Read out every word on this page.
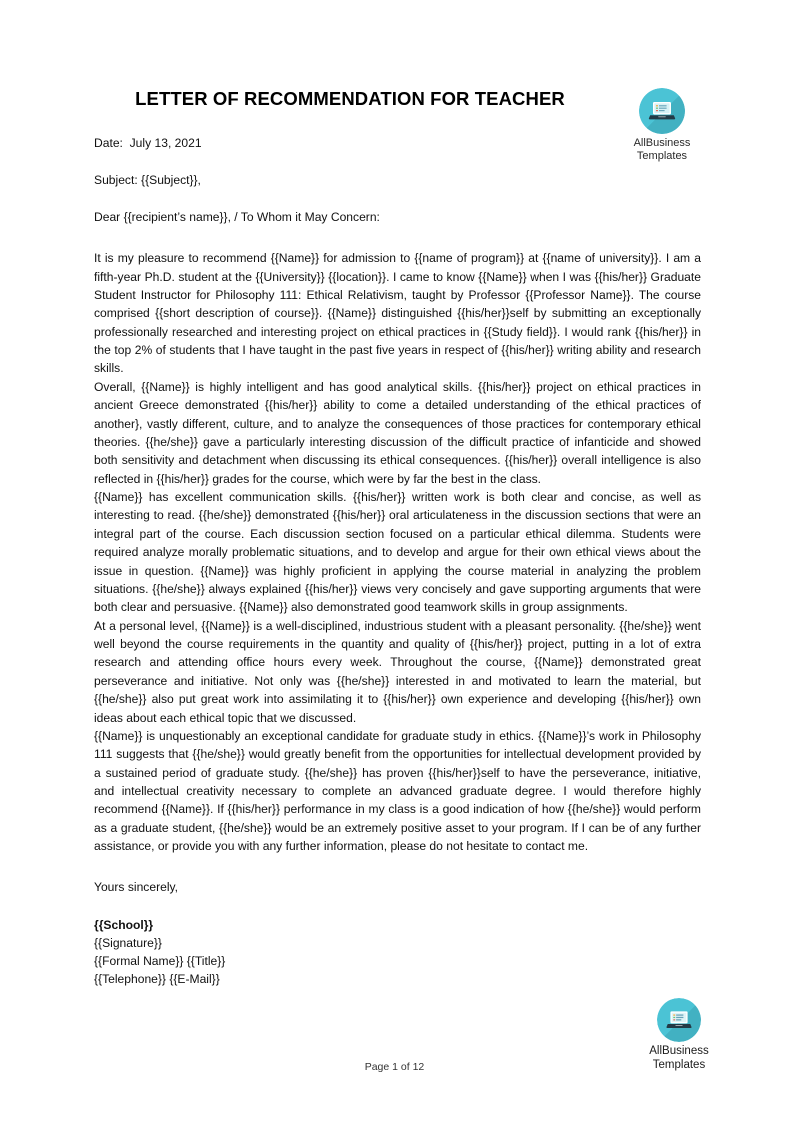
LETTER OF RECOMMENDATION FOR TEACHER
AllBusiness
Templates
Date:  July 13, 2021
Subject: {{Subject}},
Dear {{recipient’s name}}, / To Whom it May Concern:

It is my pleasure to recommend {{Name}} for admission to {{name of program}} at {{name of university}}. I am a fifth-year Ph.D. student at the {{University}} {{location}}. I came to know {{Name}} when I was {{his/her}} Graduate Student Instructor for Philosophy 111: Ethical Relativism, taught by Professor {{Professor Name}}. The course comprised {{short description of course}}. {{Name}} distinguished {{his/her}}self by submitting an exceptionally professionally researched and interesting project on ethical practices in {{Study field}}. I would rank {{his/her}} in the top 2% of students that I have taught in the past five years in respect of {{his/her}} writing ability and research skills.

Overall, {{Name}} is highly intelligent and has good analytical skills. {{his/her}} project on ethical practices in ancient Greece demonstrated {{his/her}} ability to come a detailed understanding of the ethical practices of another}, vastly different, culture, and to analyze the consequences of those practices for contemporary ethical theories. {{he/she}} gave a particularly interesting discussion of the difficult practice of infanticide and showed both sensitivity and detachment when discussing its ethical consequences. {{his/her}} overall intelligence is also reflected in {{his/her}} grades for the course, which were by far the best in the class.

{{Name}} has excellent communication skills. {{his/her}} written work is both clear and concise, as well as interesting to read. {{he/she}} demonstrated {{his/her}} oral articulateness in the discussion sections that were an integral part of the course. Each discussion section focused on a particular ethical dilemma. Students were required analyze morally problematic situations, and to develop and argue for their own ethical views about the issue in question. {{Name}} was highly proficient in applying the course material in analyzing the problem situations. {{he/she}} always explained {{his/her}} views very concisely and gave supporting arguments that were both clear and persuasive. {{Name}} also demonstrated good teamwork skills in group assignments.

At a personal level, {{Name}} is a well-disciplined, industrious student with a pleasant personality. {{he/she}} went well beyond the course requirements in the quantity and quality of {{his/her}} project, putting in a lot of extra research and attending office hours every week. Throughout the course, {{Name}} demonstrated great perseverance and initiative. Not only was {{he/she}} interested in and motivated to learn the material, but {{he/she}} also put great work into assimilating it to {{his/her}} own experience and developing {{his/her}} own ideas about each ethical topic that we discussed.

{{Name}} is unquestionably an exceptional candidate for graduate study in ethics. {{Name}}’s work in Philosophy 111 suggests that {{he/she}} would greatly benefit from the opportunities for intellectual development provided by a sustained period of graduate study. {{he/she}} has proven {{his/her}}self to have the perseverance, initiative, and intellectual creativity necessary to complete an advanced graduate degree. I would therefore highly recommend {{Name}}. If {{his/her}} performance in my class is a good indication of how {{he/she}} would perform as a graduate student, {{he/she}} would be an extremely positive asset to your program. If I can be of any further assistance, or provide you with any further information, please do not hesitate to contact me.

Yours sincerely,
{{School}}
{{Signature}}
{{Formal Name}} {{Title}}
{{Telephone}} {{E-Mail}}
AllBusiness
Templates
Page 1 of 12
